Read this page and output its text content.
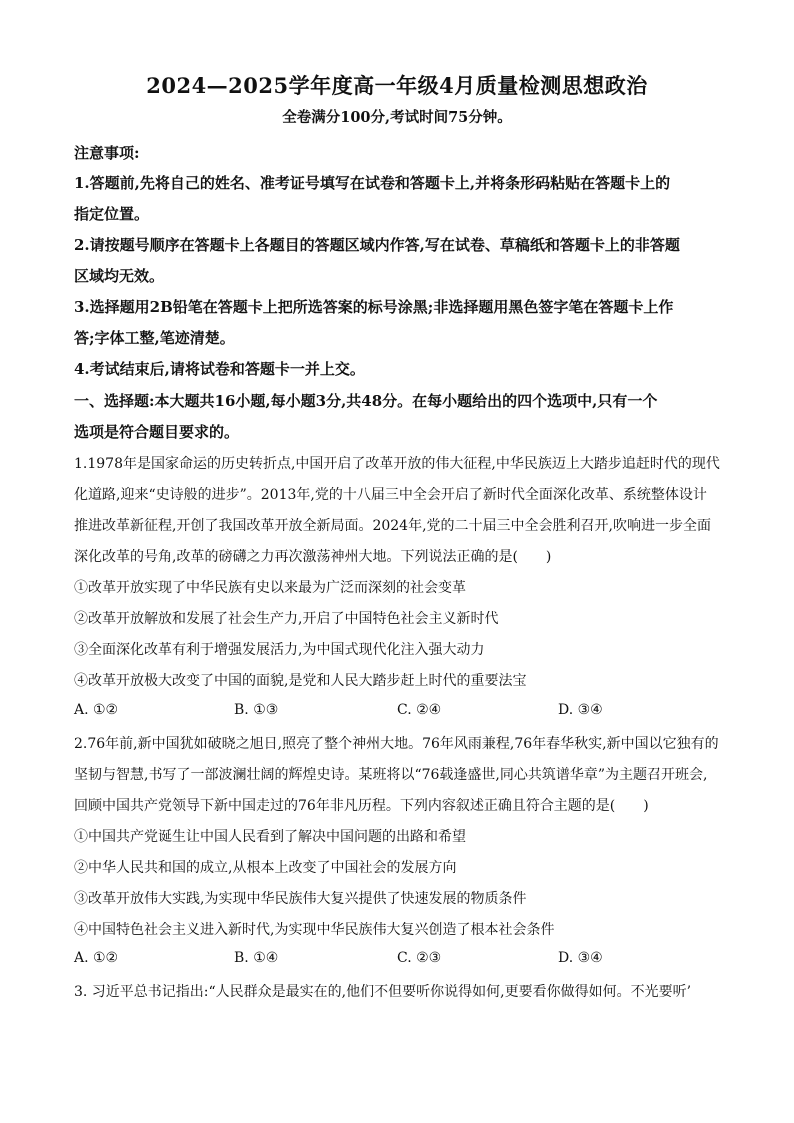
2024—2025学年度高一年级4月质量检测思想政治
全卷满分100分,考试时间75分钟。
注意事项:
1.答题前,先将自己的姓名、准考证号填写在试卷和答题卡上,并将条形码粘贴在答题卡上的
指定位置。
2.请按题号顺序在答题卡上各题目的答题区域内作答,写在试卷、草稿纸和答题卡上的非答题
区域均无效。
3.选择题用2B铅笔在答题卡上把所选答案的标号涂黑;非选择题用黑色签字笔在答题卡上作
答;字体工整,笔迹清楚。
4.考试结束后,请将试卷和答题卡一并上交。
一、选择题:本大题共16小题,每小题3分,共48分。在每小题给出的四个选项中,只有一个
选项是符合题目要求的。
1.1978年是国家命运的历史转折点,中国开启了改革开放的伟大征程,中华民族迈上大踏步追赶时代的现代
化道路,迎来“史诗般的进步”。2013年,党的十八届三中全会开启了新时代全面深化改革、系统整体设计
推进改革新征程,开创了我国改革开放全新局面。2024年,党的二十届三中全会胜利召开,吹响进一步全面
深化改革的号角,改革的磅礴之力再次激荡神州大地。下列说法正确的是(　　)
①改革开放实现了中华民族有史以来最为广泛而深刻的社会变革
②改革开放解放和发展了社会生产力,开启了中国特色社会主义新时代
③全面深化改革有利于增强发展活力,为中国式现代化注入强大动力
④改革开放极大改变了中国的面貌,是党和人民大踏步赶上时代的重要法宝
A. ①②	B. ①③	C. ②④	D. ③④
2.76年前,新中国犹如破晓之旭日,照亮了整个神州大地。76年风雨兼程,76年春华秋实,新中国以它独有的
坚韧与智慧,书写了一部波澜壮阔的辉煌史诗。某班将以“76载逢盛世,同心共筑谱华章”为主题召开班会,
回顾中国共产党领导下新中国走过的76年非凡历程。下列内容叙述正确且符合主题的是(　　)
①中国共产党诞生让中国人民看到了解决中国问题的出路和希望
②中华人民共和国的成立,从根本上改变了中国社会的发展方向
③改革开放伟大实践,为实现中华民族伟大复兴提供了快速发展的物质条件
④中国特色社会主义进入新时代,为实现中华民族伟大复兴创造了根本社会条件
A. ①②	B. ①④	C. ②③	D. ③④
3. 习近平总书记指出:“人民群众是最实在的,他们不但要听你说得如何,更要看你做得如何。不光要听’
